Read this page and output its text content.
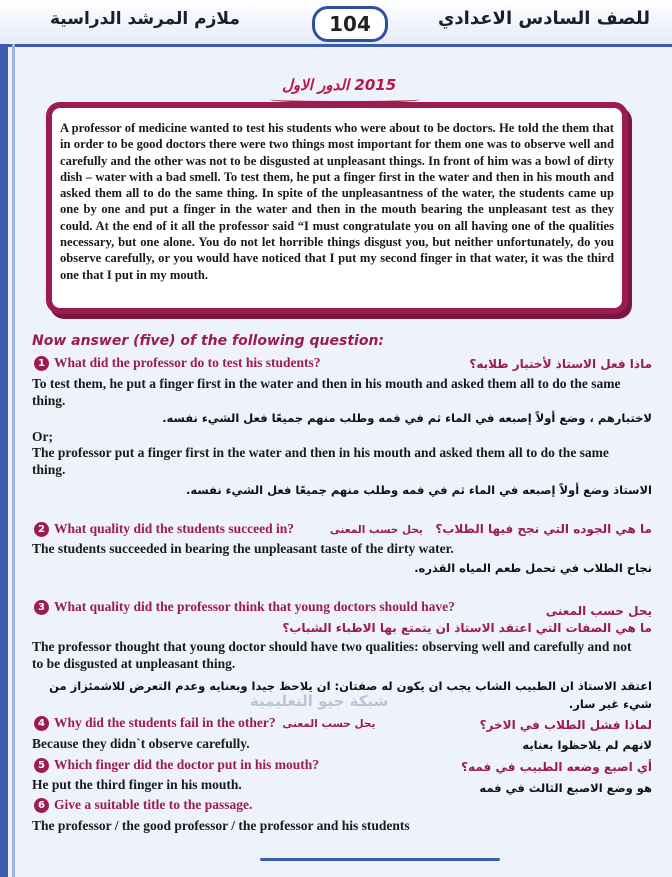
ملازم المرشد الدراسية	104	للصف السادس الاعدادي
2015 الدور الاول

A professor of medicine wanted to test his students who were about to be doctors. He told the them that in order to be good doctors there were two things most important for them one was to observe well and carefully and the other was not to be disgusted at unpleasant things. In front of him was a bowl of dirty dish – water with a bad smell. To test them, he put a finger first in the water and then in his mouth and asked them all to do the same thing. In spite of the unpleasantness of the water, the students came up one by one and put a finger in the water and then in the mouth bearing the unpleasant test as they could. At the end of it all the professor said “I must congratulate you on all having one of the qualities necessary, but one alone. You do not let horrible things disgust you, but neither unfortunately, do you observe carefully, or you would have noticed that I put my second finger in that water, it was the third one that I put in my mouth.

Now answer (five) of the following question:
1 What did the professor do to test his students?	ماذا فعل الاستاذ لأختبار طلابه؟

To test them, he put a finger first in the water and then in his mouth and asked them all to do the same thing.

لاختبارهم ، وضع أولاً إصبعه في الماء ثم في فمه وطلب منهم جميعًا فعل الشيء نفسه.

Or;

The professor put a finger first in the water and then in his mouth and asked them all to do the same thing.

الاستاذ وضع أولاً إصبعه في الماء ثم في فمه وطلب منهم جميعًا فعل الشيء نفسه.
2 What quality did the students succeed in?	ما هي الجوده التي نجح فيها الطلاب؟   يحل حسب المعنى

The students succeeded in bearing the unpleasant taste of the dirty water.

نجاح الطلاب في تحمل طعم المياه القذره.
3 What quality did the professor think that young doctors should have?	يحل حسب المعنى
ما هي الصفات التي اعتقد الاستاذ ان يتمتع بها الاطباء الشباب؟

The professor thought that young doctor should have two qualities: observing well and carefully and not to be disgusted at unpleasant thing.

اعتقد الاستاذ ان الطبيب الشاب يجب ان يكون له صفتان: ان يلاحظ جيدا وبعنايه وعدم التعرض للاشمئزاز من شيء غير سار.

شبكة جيو التعليمية
4 Why did the students fail in the other? يحل حسب المعنى	لماذا فشل الطلاب في الاخر؟

Because they didn`t observe carefully.	لانهم لم يلاحظوا بعنايه
5 Which finger did the doctor put in his mouth?	أي اصبع وضعه الطبيب في فمه؟

He put the third finger in his mouth.	هو وضع الاصبع الثالث في فمه
6 Give a suitable title to the passage.

The professor / the good professor / the professor and his students
